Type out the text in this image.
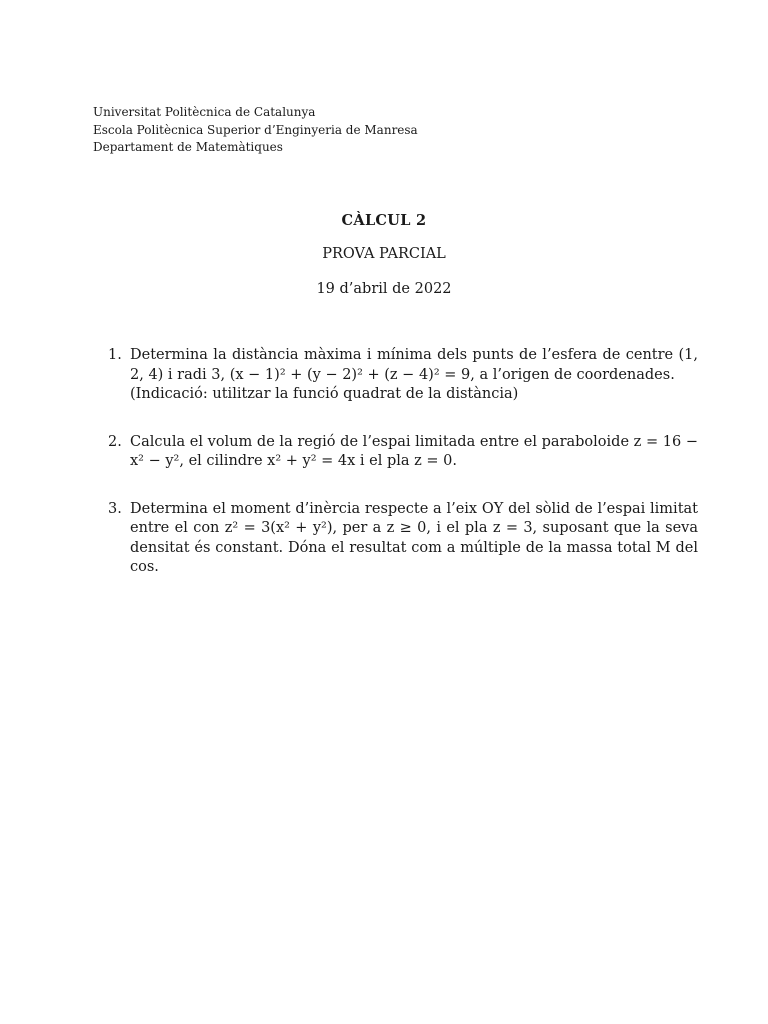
Universitat Politècnica de Catalunya
Escola Politècnica Superior d’Enginyeria de Manresa
Departament de Matemàtiques
CÀLCUL 2
PROVA PARCIAL
19 d’abril de 2022
1. Determina la distància màxima i mínima dels punts de l’esfera de centre (1, 2, 4) i radi 3, (x − 1)² + (y − 2)² + (z − 4)² = 9, a l’origen de coordenades.

(Indicació: utilitzar la funció quadrat de la distància)

2. Calcula el volum de la regió de l’espai limitada entre el paraboloide z = 16 − x² − y², el cilindre x² + y² = 4x i el pla z = 0.

3. Determina el moment d’inèrcia respecte a l’eix OY del sòlid de l’espai limitat entre el con z² = 3(x² + y²), per a z ≥ 0, i el pla z = 3, suposant que la seva densitat és constant. Dóna el resultat com a múltiple de la massa total M del cos.
